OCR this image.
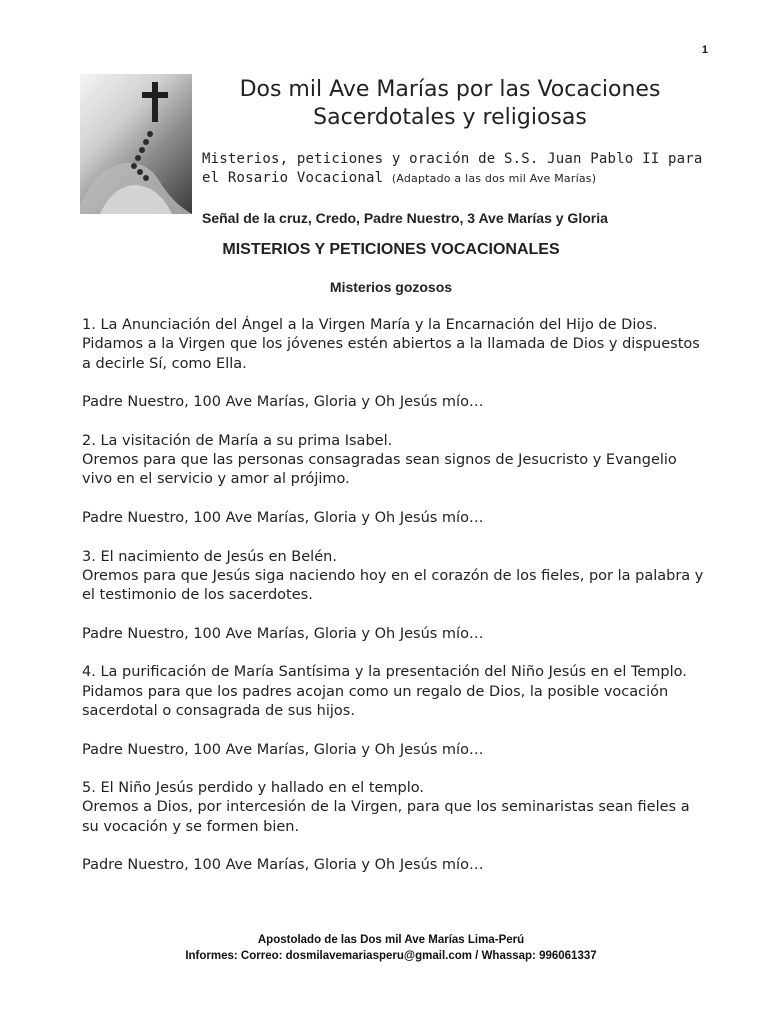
1
Dos mil Ave Marías por las Vocaciones
Sacerdotales y religiosas
Misterios, peticiones y oración de S.S. Juan Pablo II para
el Rosario Vocacional (Adaptado a las dos mil Ave Marías)
Señal de la cruz, Credo, Padre Nuestro, 3 Ave Marías y Gloria
MISTERIOS Y PETICIONES VOCACIONALES
Misterios gozosos

1. La Anunciación del Ángel a la Virgen María y la Encarnación del Hijo de Dios.

Pidamos a la Virgen que los jóvenes estén abiertos a la llamada de Dios y dispuestos a decirle Sí, como Ella.

Padre Nuestro, 100 Ave Marías, Gloria y Oh Jesús mío…

2. La visitación de María a su prima Isabel.

Oremos para que las personas consagradas sean signos de Jesucristo y Evangelio vivo en el servicio y amor al prójimo.

Padre Nuestro, 100 Ave Marías, Gloria y Oh Jesús mío…

3. El nacimiento de Jesús en Belén.

Oremos para que Jesús siga naciendo hoy en el corazón de los fieles, por la palabra y el testimonio de los sacerdotes.

Padre Nuestro, 100 Ave Marías, Gloria y Oh Jesús mío…

4. La purificación de María Santísima y la presentación del Niño Jesús en el Templo.

Pidamos para que los padres acojan como un regalo de Dios, la posible vocación sacerdotal o consagrada de sus hijos.

Padre Nuestro, 100 Ave Marías, Gloria y Oh Jesús mío…

5. El Niño Jesús perdido y hallado en el templo.

Oremos a Dios, por intercesión de la Virgen, para que los seminaristas sean fieles a su vocación y se formen bien.

Padre Nuestro, 100 Ave Marías, Gloria y Oh Jesús mío…

Apostolado de las Dos mil Ave Marías Lima-Perú
Informes: Correo: dosmilavemariasperu@gmail.com / Whassap: 996061337
